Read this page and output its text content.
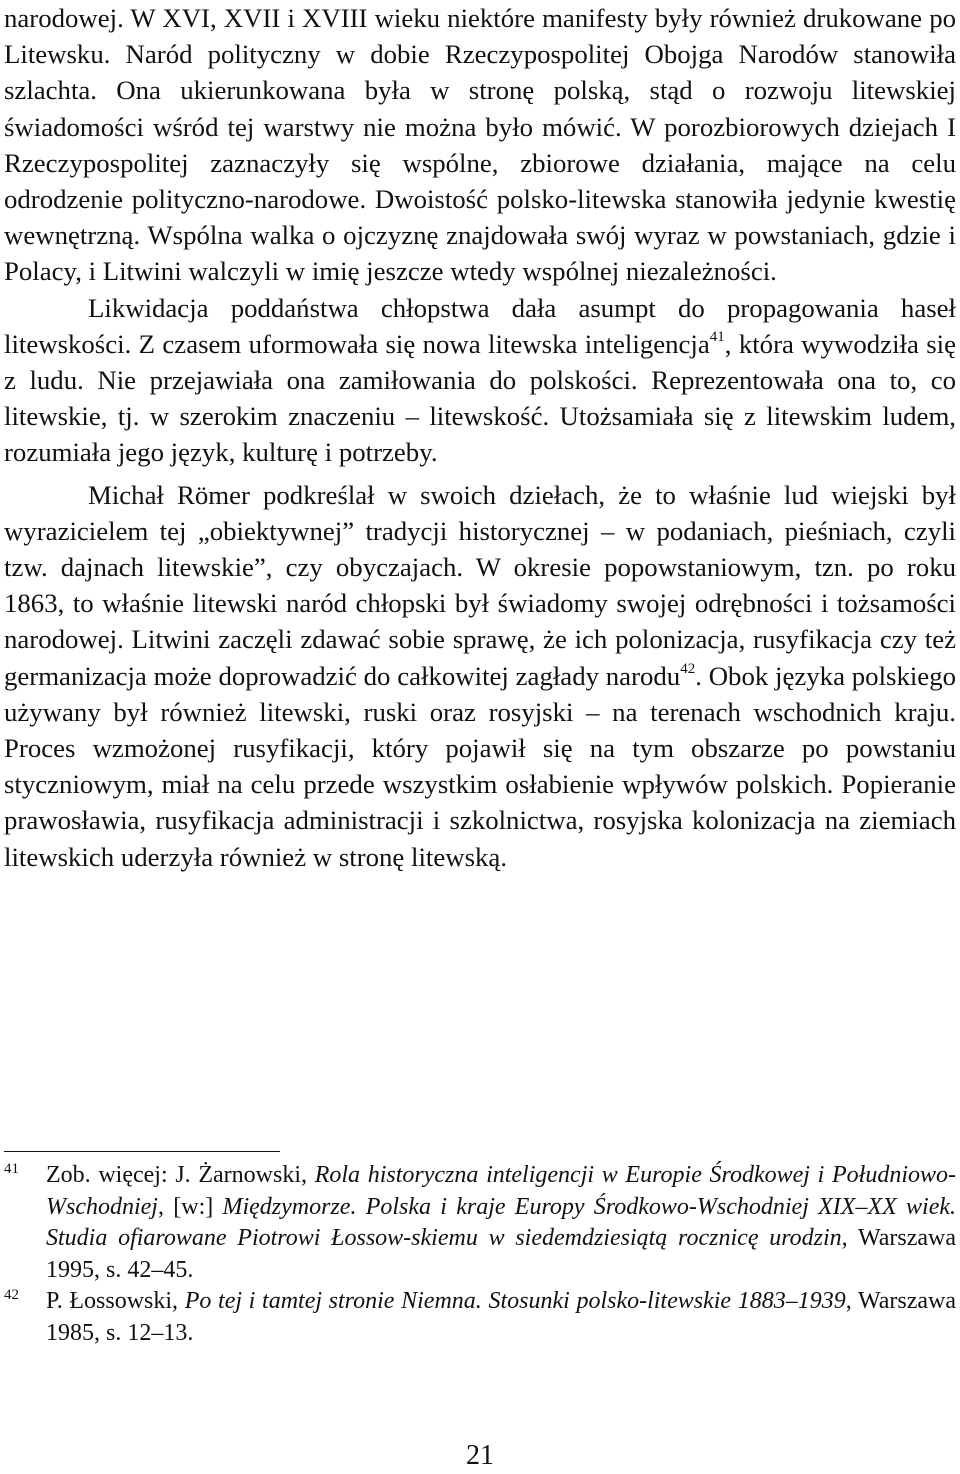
narodowej. W XVI, XVII i XVIII wieku niektóre manifesty były również drukowane po Litewsku. Naród polityczny w dobie Rzeczypospolitej Obojga Narodów stanowiła szlachta. Ona ukierunkowana była w stronę polską, stąd o rozwoju litewskiej świadomości wśród tej warstwy nie można było mówić. W porozbiorowych dziejach I Rzeczypospolitej zaznaczyły się wspólne, zbiorowe działania, mające na celu odrodzenie polityczno-narodowe. Dwoistość polsko-litewska stanowiła jedynie kwestię wewnętrzną. Wspólna walka o ojczyznę znajdowała swój wyraz w powstaniach, gdzie i Polacy, i Litwini walczyli w imię jeszcze wtedy wspólnej niezależności.

Likwidacja poddaństwa chłopstwa dała asumpt do propagowania haseł litewskości. Z czasem uformowała się nowa litewska inteligencja$^{41}$, która wywodziła się z ludu. Nie przejawiała ona zamiłowania do polskości. Reprezentowała ona to, co litewskie, tj. w szerokim znaczeniu – litewskość. Utożsamiała się z litewskim ludem, rozumiała jego język, kulturę i potrzeby.

Michał Römer podkreślał w swoich dziełach, że to właśnie lud wiejski był wyrazicielem tej „obiektywnej” tradycji historycznej – w podaniach, pieśniach, czyli tzw. dajnach litewskie”, czy obyczajach. W okresie popowstaniowym, tzn. po roku 1863, to właśnie litewski naród chłopski był świadomy swojej odrębności i tożsamości narodowej. Litwini zaczęli zdawać sobie sprawę, że ich polonizacja, rusyfikacja czy też germanizacja może doprowadzić do całkowitej zagłady narodu$^{42}$. Obok języka polskiego używany był również litewski, ruski oraz rosyjski – na terenach wschodnich kraju. Proces wzmożonej rusyfikacji, który pojawił się na tym obszarze po powstaniu styczniowym, miał na celu przede wszystkim osłabienie wpływów polskich. Popieranie prawosławia, rusyfikacja administracji i szkolnictwa, rosyjska kolonizacja na ziemiach litewskich uderzyła również w stronę litewską.

41 Zob. więcej: J. Żarnowski, Rola historyczna inteligencji w Europie Środkowej i Południowo-Wschodniej, [w:] Międzymorze. Polska i kraje Europy Środkowo-Wschodniej XIX–XX wiek. Studia ofiarowane Piotrowi Łossow-skiemu w siedemdziesiątą rocznicę urodzin, Warszawa 1995, s. 42–45.

42 P. Łossowski, Po tej i tamtej stronie Niemna. Stosunki polsko-litewskie 1883–1939, Warszawa 1985, s. 12–13.

21
